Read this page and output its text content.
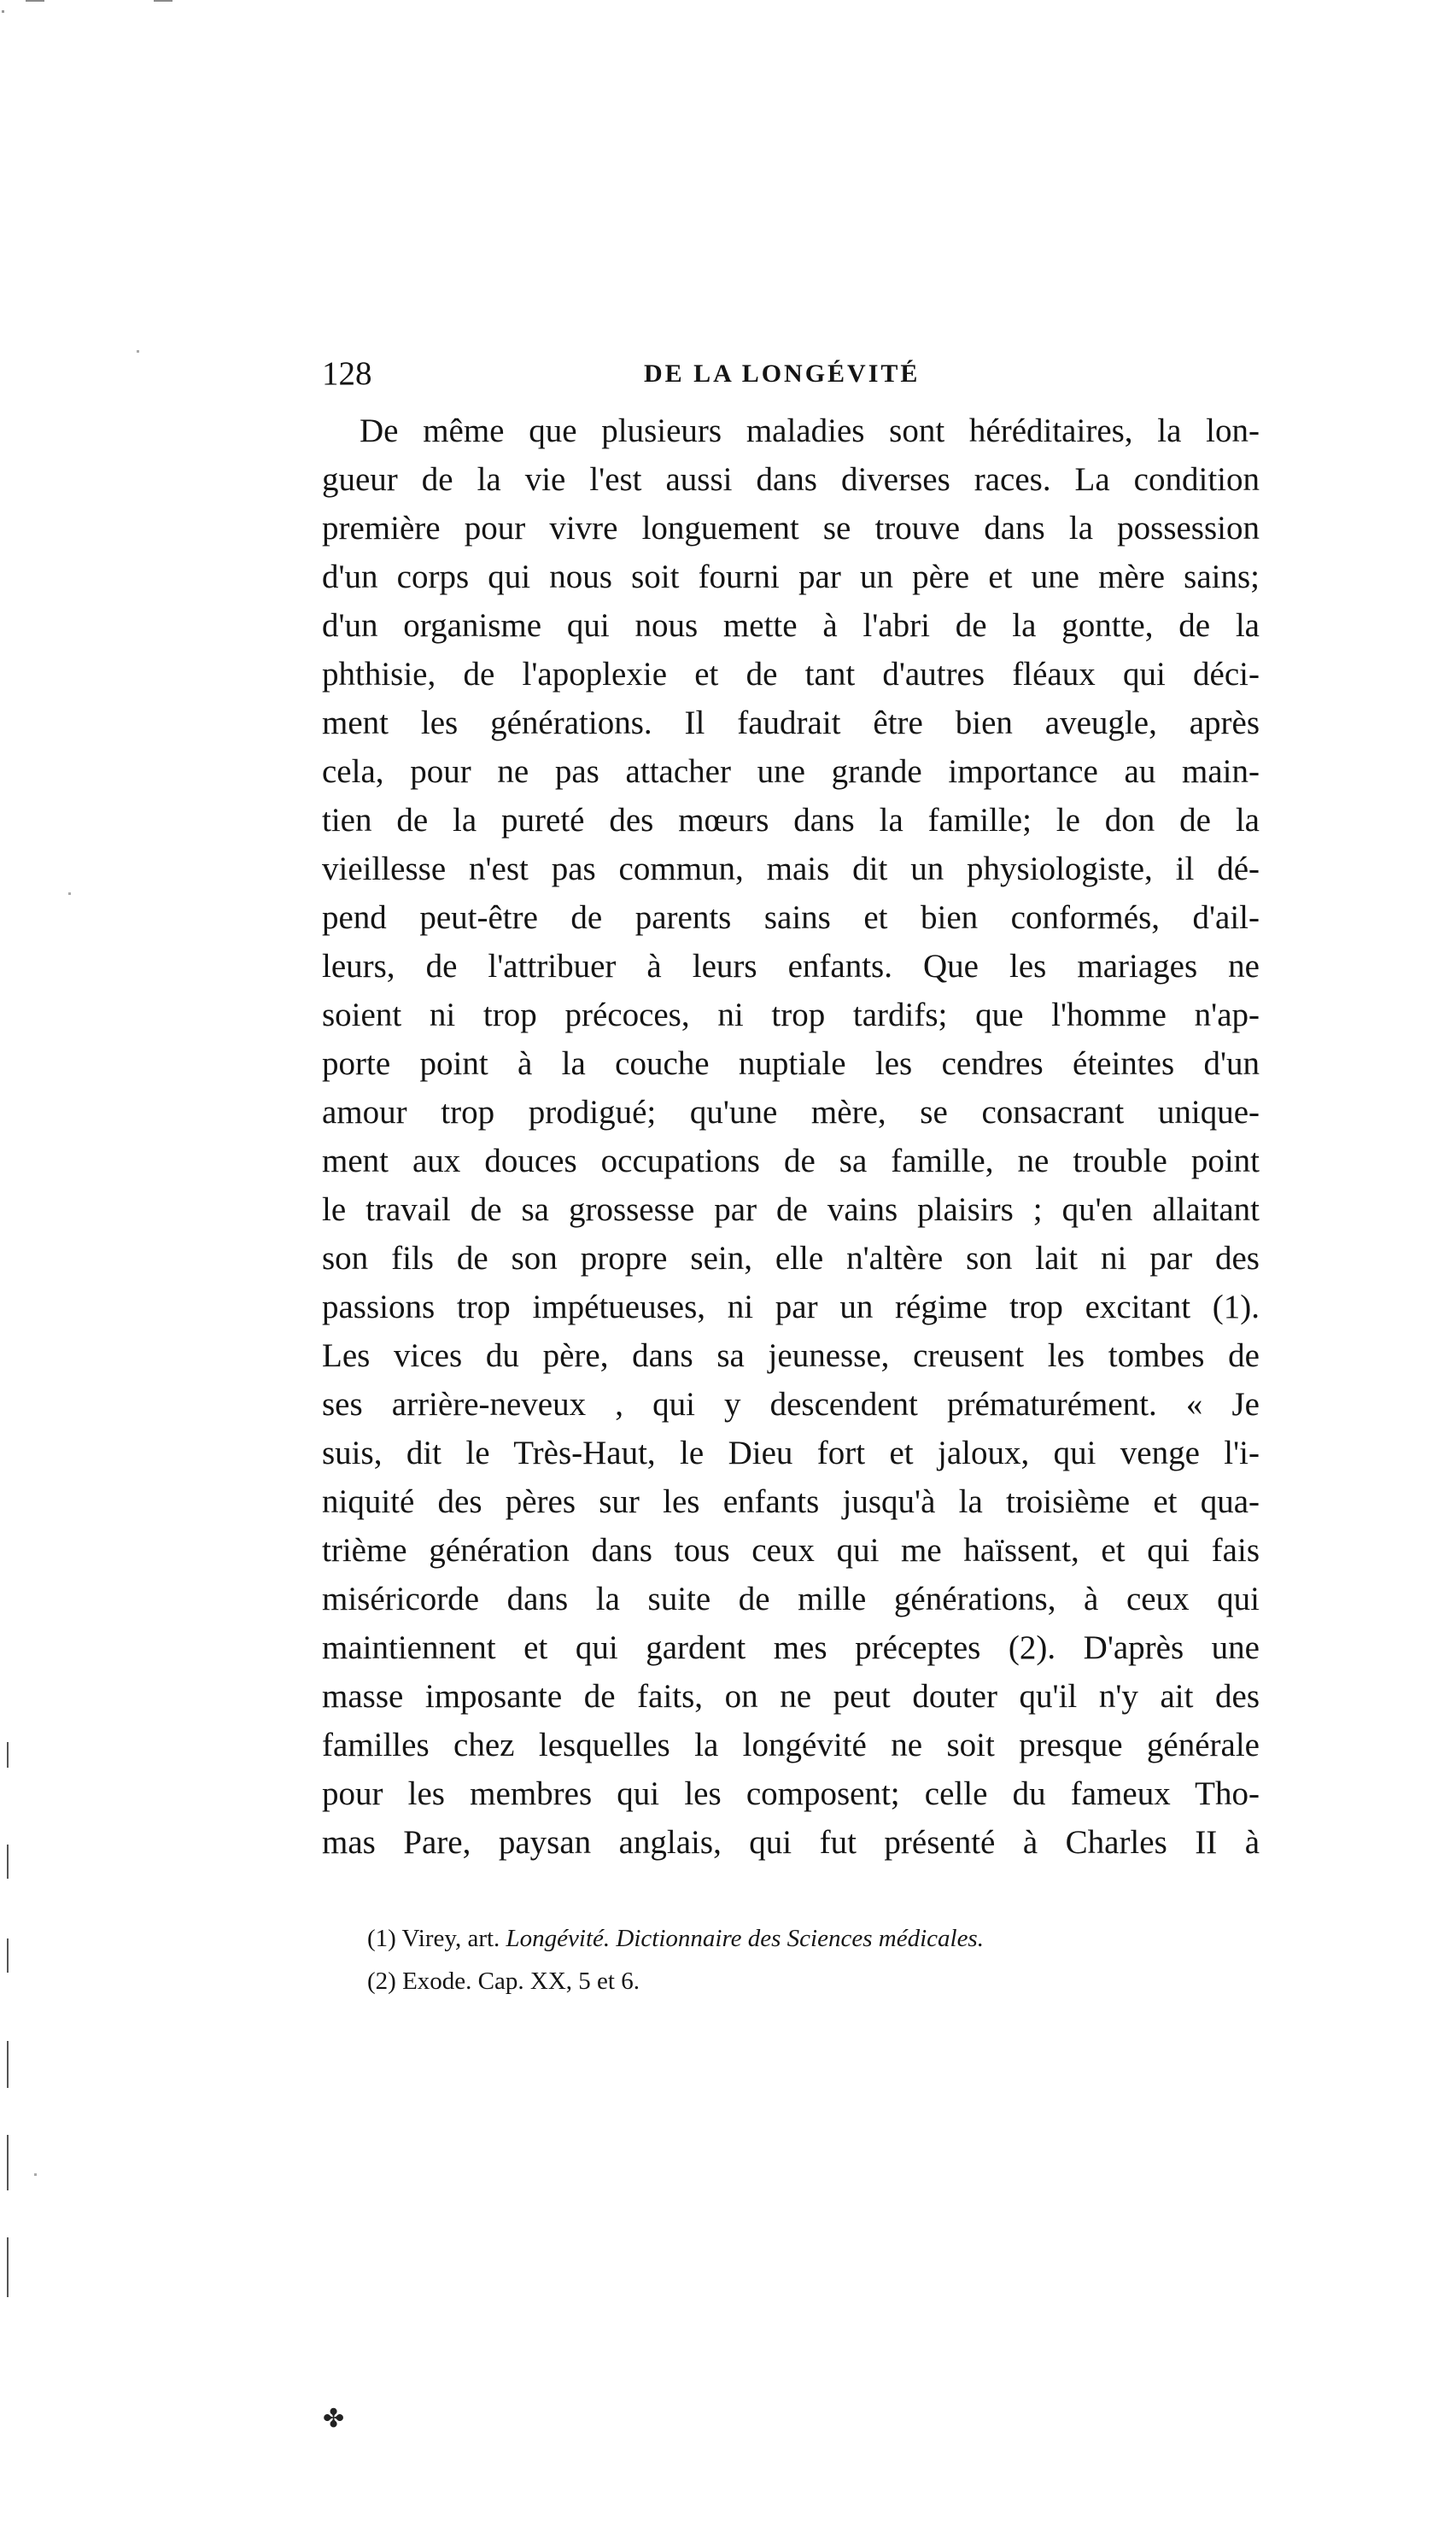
128	DE LA LONGÉVITÉ
De même que plusieurs maladies sont héréditaires, la lon-
gueur de la vie l'est aussi dans diverses races. La condition
première pour vivre longuement se trouve dans la possession
d'un corps qui nous soit fourni par un père et une mère sains;
d'un organisme qui nous mette à l'abri de la gontte, de la
phthisie, de l'apoplexie et de tant d'autres fléaux qui déci-
ment les générations. Il faudrait être bien aveugle, après
cela, pour ne pas attacher une grande importance au main-
tien de la pureté des mœurs dans la famille; le don de la
vieillesse n'est pas commun, mais dit un physiologiste, il dé-
pend peut-être de parents sains et bien conformés, d'ail-
leurs, de l'attribuer à leurs enfants. Que les mariages ne
soient ni trop précoces, ni trop tardifs; que l'homme n'ap-
porte point à la couche nuptiale les cendres éteintes d'un
amour trop prodigué; qu'une mère, se consacrant unique-
ment aux douces occupations de sa famille, ne trouble point
le travail de sa grossesse par de vains plaisirs ; qu'en allaitant
son fils de son propre sein, elle n'altère son lait ni par des
passions trop impétueuses, ni par un régime trop excitant (1).
Les vices du père, dans sa jeunesse, creusent les tombes de
ses arrière-neveux , qui y descendent prématurément. « Je
suis, dit le Très-Haut, le Dieu fort et jaloux, qui venge l'i-
niquité des pères sur les enfants jusqu'à la troisième et qua-
trième génération dans tous ceux qui me haïssent, et qui fais
miséricorde dans la suite de mille générations, à ceux qui
maintiennent et qui gardent mes préceptes (2). D'après une
masse imposante de faits, on ne peut douter qu'il n'y ait des
familles chez lesquelles la longévité ne soit presque générale
pour les membres qui les composent; celle du fameux Tho-
mas Pare, paysan anglais, qui fut présenté à Charles II à
(1) Virey, art. Longévité. Dictionnaire des Sciences médicales.
(2) Exode. Cap. XX, 5 et 6.
✤
